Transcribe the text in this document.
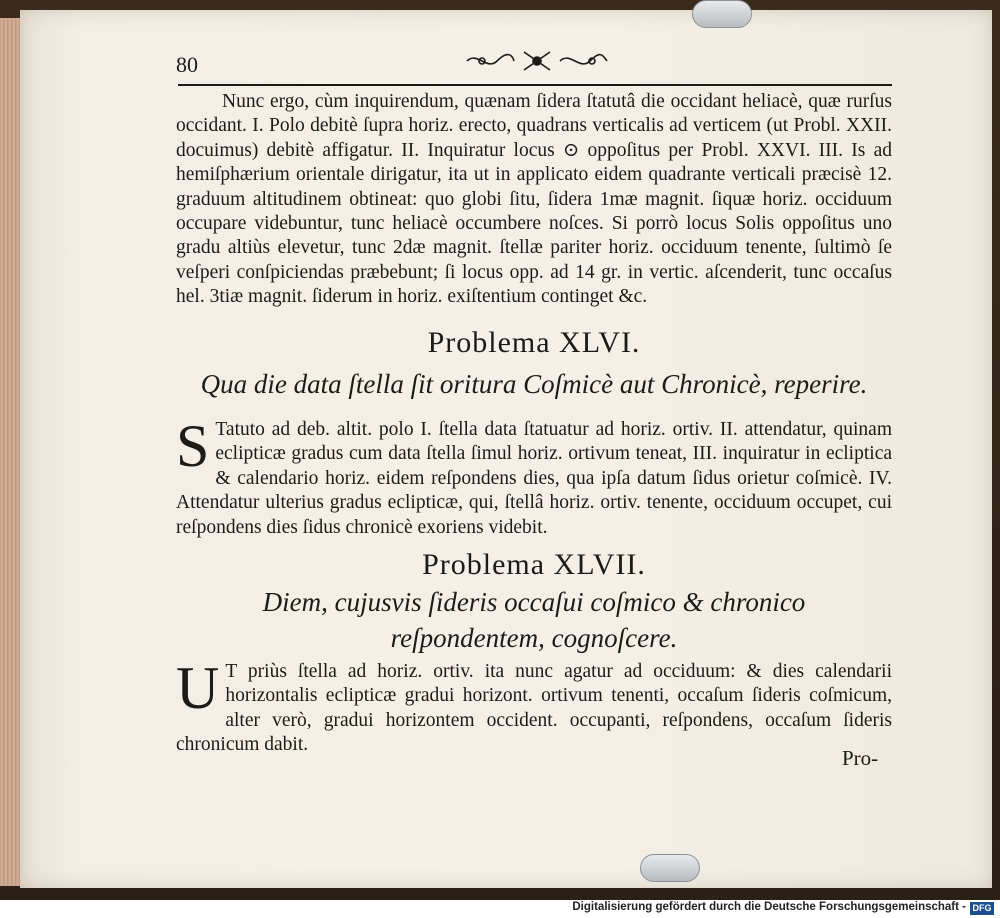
80

Nunc ergo, cùm inquirendum, quænam ſidera ſtatutâ die occidant heliacè, quæ rurſus occidant. I. Polo debitè ſupra horiz. erecto, quadrans verticalis ad verticem (ut Probl. XXII. docuimus) debitè affigatur. II. Inquiratur locus ⊙ oppoſitus per Probl. XXVI. III. Is ad hemiſphærium orientale dirigatur, ita ut in applicato eidem quadrante verticali præcisè 12. graduum altitudinem obtineat: quo globi ſitu, ſidera 1mæ magnit. ſiquæ horiz. occiduum occupare videbuntur, tunc heliacè occumbere noſces. Si porrò locus Solis oppoſitus uno gradu altiùs elevetur, tunc 2dæ magnit. ſtellæ pariter horiz. occiduum tenente, ſultimò ſe veſperi conſpiciendas præbebunt; ſi locus opp. ad 14 gr. in vertic. aſcenderit, tunc occaſus hel. 3tiæ magnit. ſiderum in horiz. exiſtentium continget &c.

Problema XLVI.
Qua die data ſtella ſit oritura Coſmicè aut Chronicè, reperire.
S Tatuto ad deb. altit. polo I. ſtella data ſtatuatur ad horiz. ortiv. II. attendatur, quinam eclipticæ gradus cum data ſtella ſimul horiz. ortivum teneat, III. inquiratur in ecliptica & calendario horiz. eidem reſpondens dies, qua ipſa datum ſidus orietur coſmicè. IV. Attendatur ulterius gradus eclipticæ, qui, ſtellâ horiz. ortiv. tenente, occiduum occupet, cui reſpondens dies ſidus chronicè exoriens videbit.

Problema XLVII.
Diem, cujusvis ſideris occaſui coſmico & chronico reſpondentem, cognoſcere.
U T priùs ſtella ad horiz. ortiv. ita nunc agatur ad occiduum: & dies calendarii horizontalis eclipticæ gradui horizont. ortivum tenenti, occaſum ſideris coſmicum, alter verò, gradui horizontem occident. occupanti, reſpondens, occaſum ſideris chronicum dabit.

Pro-
Digitalisierung gefördert durch die Deutsche Forschungsgemeinschaft - DFG
